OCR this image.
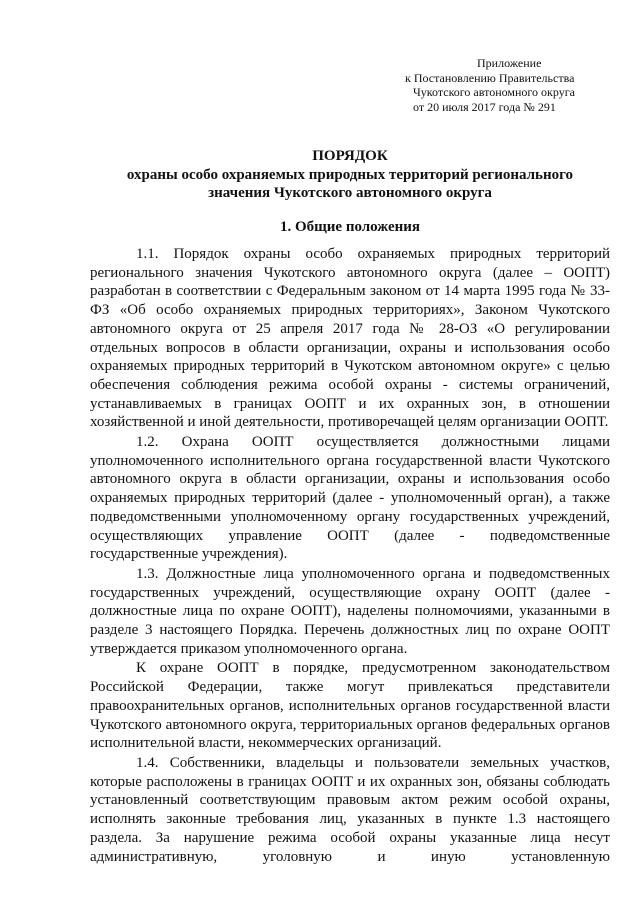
Приложение
к Постановлению Правительства
Чукотского автономного округа
от 20 июля 2017 года № 291
ПОРЯДОК
охраны особо охраняемых природных территорий регионального
значения Чукотского автономного округа
1. Общие положения

1.1. Порядок охраны особо охраняемых природных территорий регионального значения Чукотского автономного округа (далее – ООПТ) разработан в соответствии с Федеральным законом от 14 марта 1995 года № 33-ФЗ «Об особо охраняемых природных территориях», Законом Чукотского автономного округа от 25 апреля 2017 года № 28-ОЗ «О регулировании отдельных вопросов в области организации, охраны и использования особо охраняемых природных территорий в Чукотском автономном округе» с целью обеспечения соблюдения режима особой охраны - системы ограничений, устанавливаемых в границах ООПТ и их охранных зон, в отношении хозяйственной и иной деятельности, противоречащей целям организации ООПТ.

1.2. Охрана ООПТ осуществляется должностными лицами уполномоченного исполнительного органа государственной власти Чукотского автономного округа в области организации, охраны и использования особо охраняемых природных территорий (далее - уполномоченный орган), а также подведомственными уполномоченному органу государственных учреждений, осуществляющих управление ООПТ (далее - подведомственные государственные учреждения).

1.3. Должностные лица уполномоченного органа и подведомственных государственных учреждений, осуществляющие охрану ООПТ (далее - должностные лица по охране ООПТ), наделены полномочиями, указанными в разделе 3 настоящего Порядка. Перечень должностных лиц по охране ООПТ утверждается приказом уполномоченного органа.

К охране ООПТ в порядке, предусмотренном законодательством Российской Федерации, также могут привлекаться представители правоохранительных органов, исполнительных органов государственной власти Чукотского автономного округа, территориальных органов федеральных органов исполнительной власти, некоммерческих организаций.

1.4. Собственники, владельцы и пользователи земельных участков, которые расположены в границах ООПТ и их охранных зон, обязаны соблюдать установленный соответствующим правовым актом режим особой охраны, исполнять законные требования лиц, указанных в пункте 1.3 настоящего раздела. За нарушение режима особой охраны указанные лица несут административную, уголовную и иную установленную
